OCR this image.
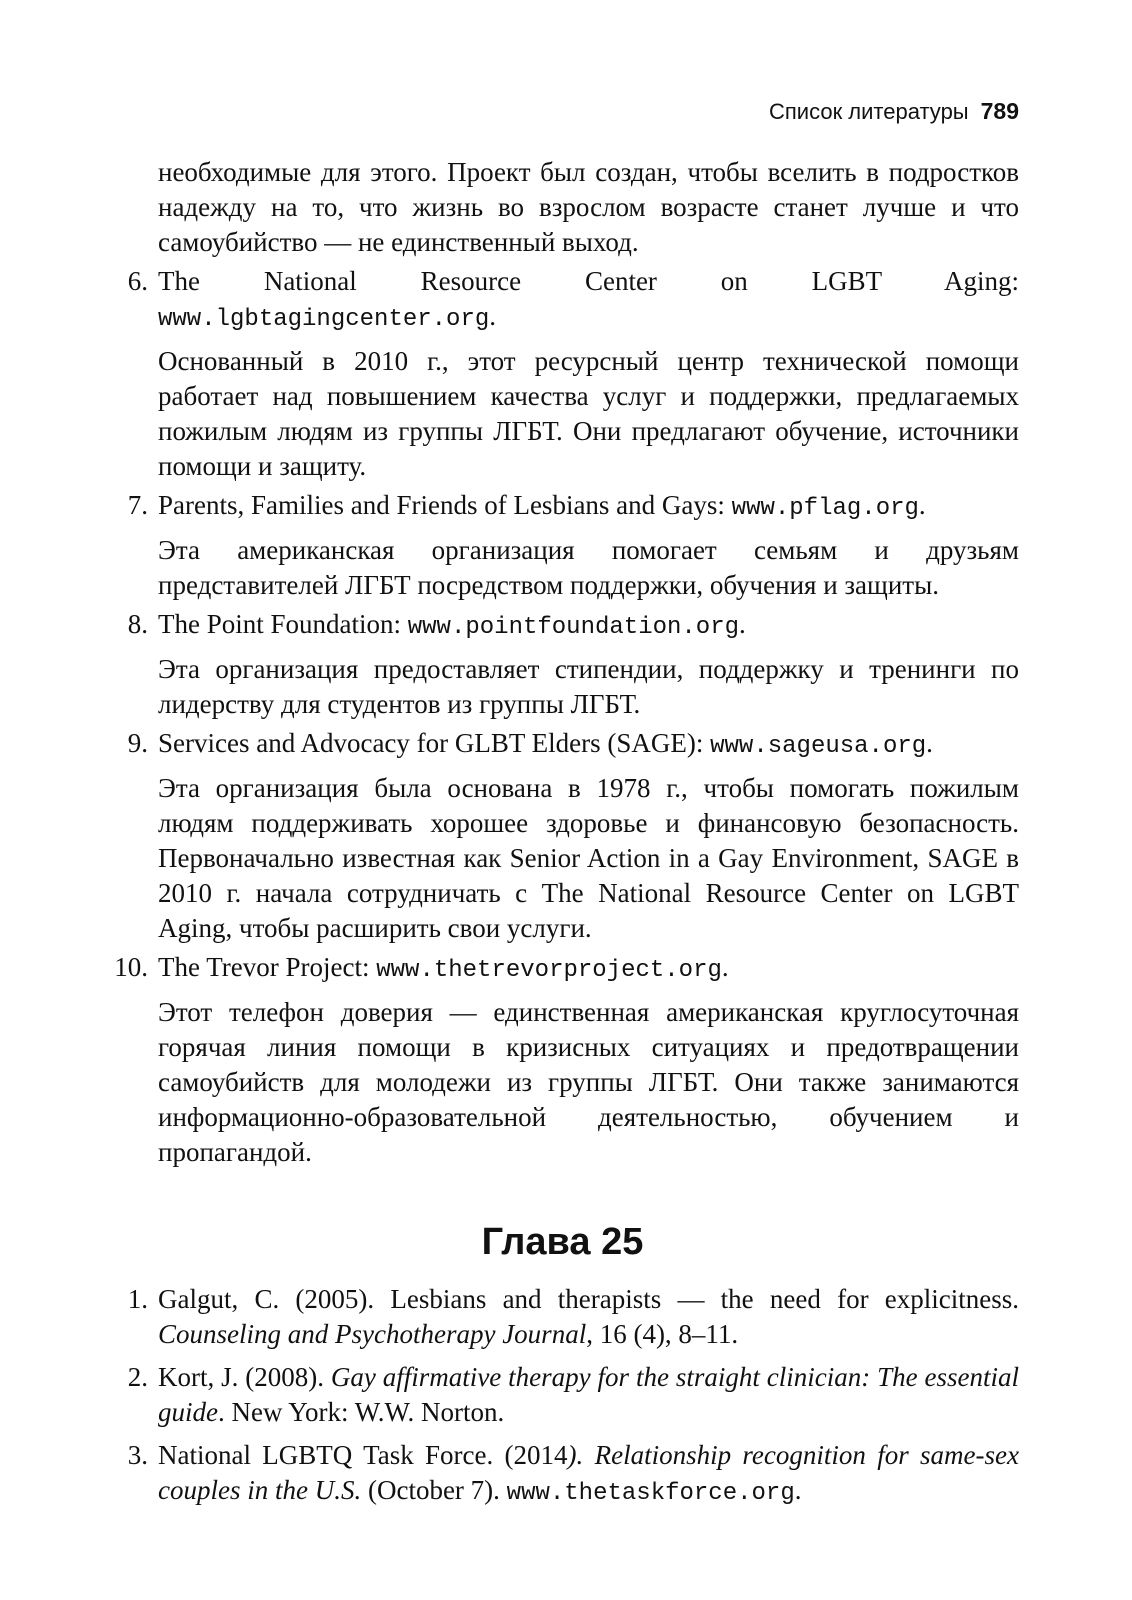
Список литературы 789
необходимые для этого. Проект был создан, чтобы вселить в подростков надежду на то, что жизнь во взрослом возрасте станет лучше и что самоубийство — не единственный выход.
6. The National Resource Center on LGBT Aging: www.lgbtagingcenter.org.
Основанный в 2010 г., этот ресурсный центр технической помощи работает над повышением качества услуг и поддержки, предлагаемых пожилым людям из группы ЛГБТ. Они предлагают обучение, источники помощи и защиту.
7. Parents, Families and Friends of Lesbians and Gays: www.pflag.org.
Эта американская организация помогает семьям и друзьям представителей ЛГБТ посредством поддержки, обучения и защиты.
8. The Point Foundation: www.pointfoundation.org.
Эта организация предоставляет стипендии, поддержку и тренинги по лидерству для студентов из группы ЛГБТ.
9. Services and Advocacy for GLBT Elders (SAGE): www.sageusa.org.
Эта организация была основана в 1978 г., чтобы помогать пожилым людям поддерживать хорошее здоровье и финансовую безопасность. Первоначально известная как Senior Action in a Gay Environment, SAGE в 2010 г. начала сотрудничать с The National Resource Center on LGBT Aging, чтобы расширить свои услуги.
10. The Trevor Project: www.thetrevorproject.org.
Этот телефон доверия — единственная американская круглосуточная горячая линия помощи в кризисных ситуациях и предотвращении самоубийств для молодежи из группы ЛГБТ. Они также занимаются информационно-образовательной деятельностью, обучением и пропагандой.
Глава 25
1. Galgut, C. (2005). Lesbians and therapists — the need for explicitness. Counseling and Psychotherapy Journal, 16 (4), 8–11.
2. Kort, J. (2008). Gay affirmative therapy for the straight clinician: The essential guide. New York: W.W. Norton.
3. National LGBTQ Task Force. (2014). Relationship recognition for same-sex couples in the U.S. (October 7). www.thetaskforce.org.
